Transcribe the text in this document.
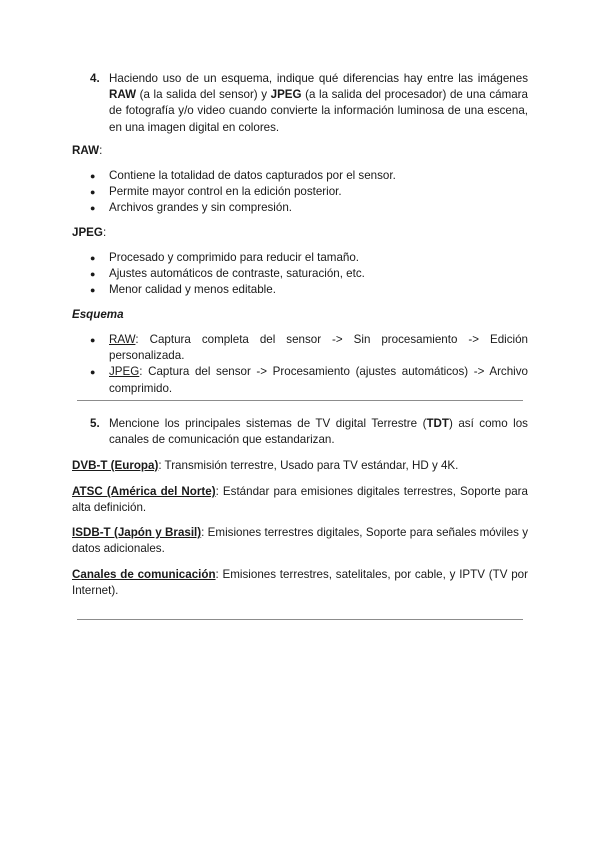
4. Haciendo uso de un esquema, indique qué diferencias hay entre las imágenes RAW (a la salida del sensor) y JPEG (a la salida del procesador) de una cámara de fotografía y/o video cuando convierte la información luminosa de una escena, en una imagen digital en colores.
RAW:
● Contiene la totalidad de datos capturados por el sensor.
● Permite mayor control en la edición posterior.
● Archivos grandes y sin compresión.
JPEG:
● Procesado y comprimido para reducir el tamaño.
● Ajustes automáticos de contraste, saturación, etc.
● Menor calidad y menos editable.
Esquema
● RAW: Captura completa del sensor -> Sin procesamiento -> Edición personalizada.
● JPEG: Captura del sensor -> Procesamiento (ajustes automáticos) -> Archivo comprimido.
5. Mencione los principales sistemas de TV digital Terrestre (TDT) así como los canales de comunicación que estandarizan.
DVB-T (Europa): Transmisión terrestre, Usado para TV estándar, HD y 4K.
ATSC (América del Norte): Estándar para emisiones digitales terrestres, Soporte para alta definición.
ISDB-T (Japón y Brasil): Emisiones terrestres digitales, Soporte para señales móviles y datos adicionales.
Canales de comunicación: Emisiones terrestres, satelitales, por cable, y IPTV (TV por Internet).
